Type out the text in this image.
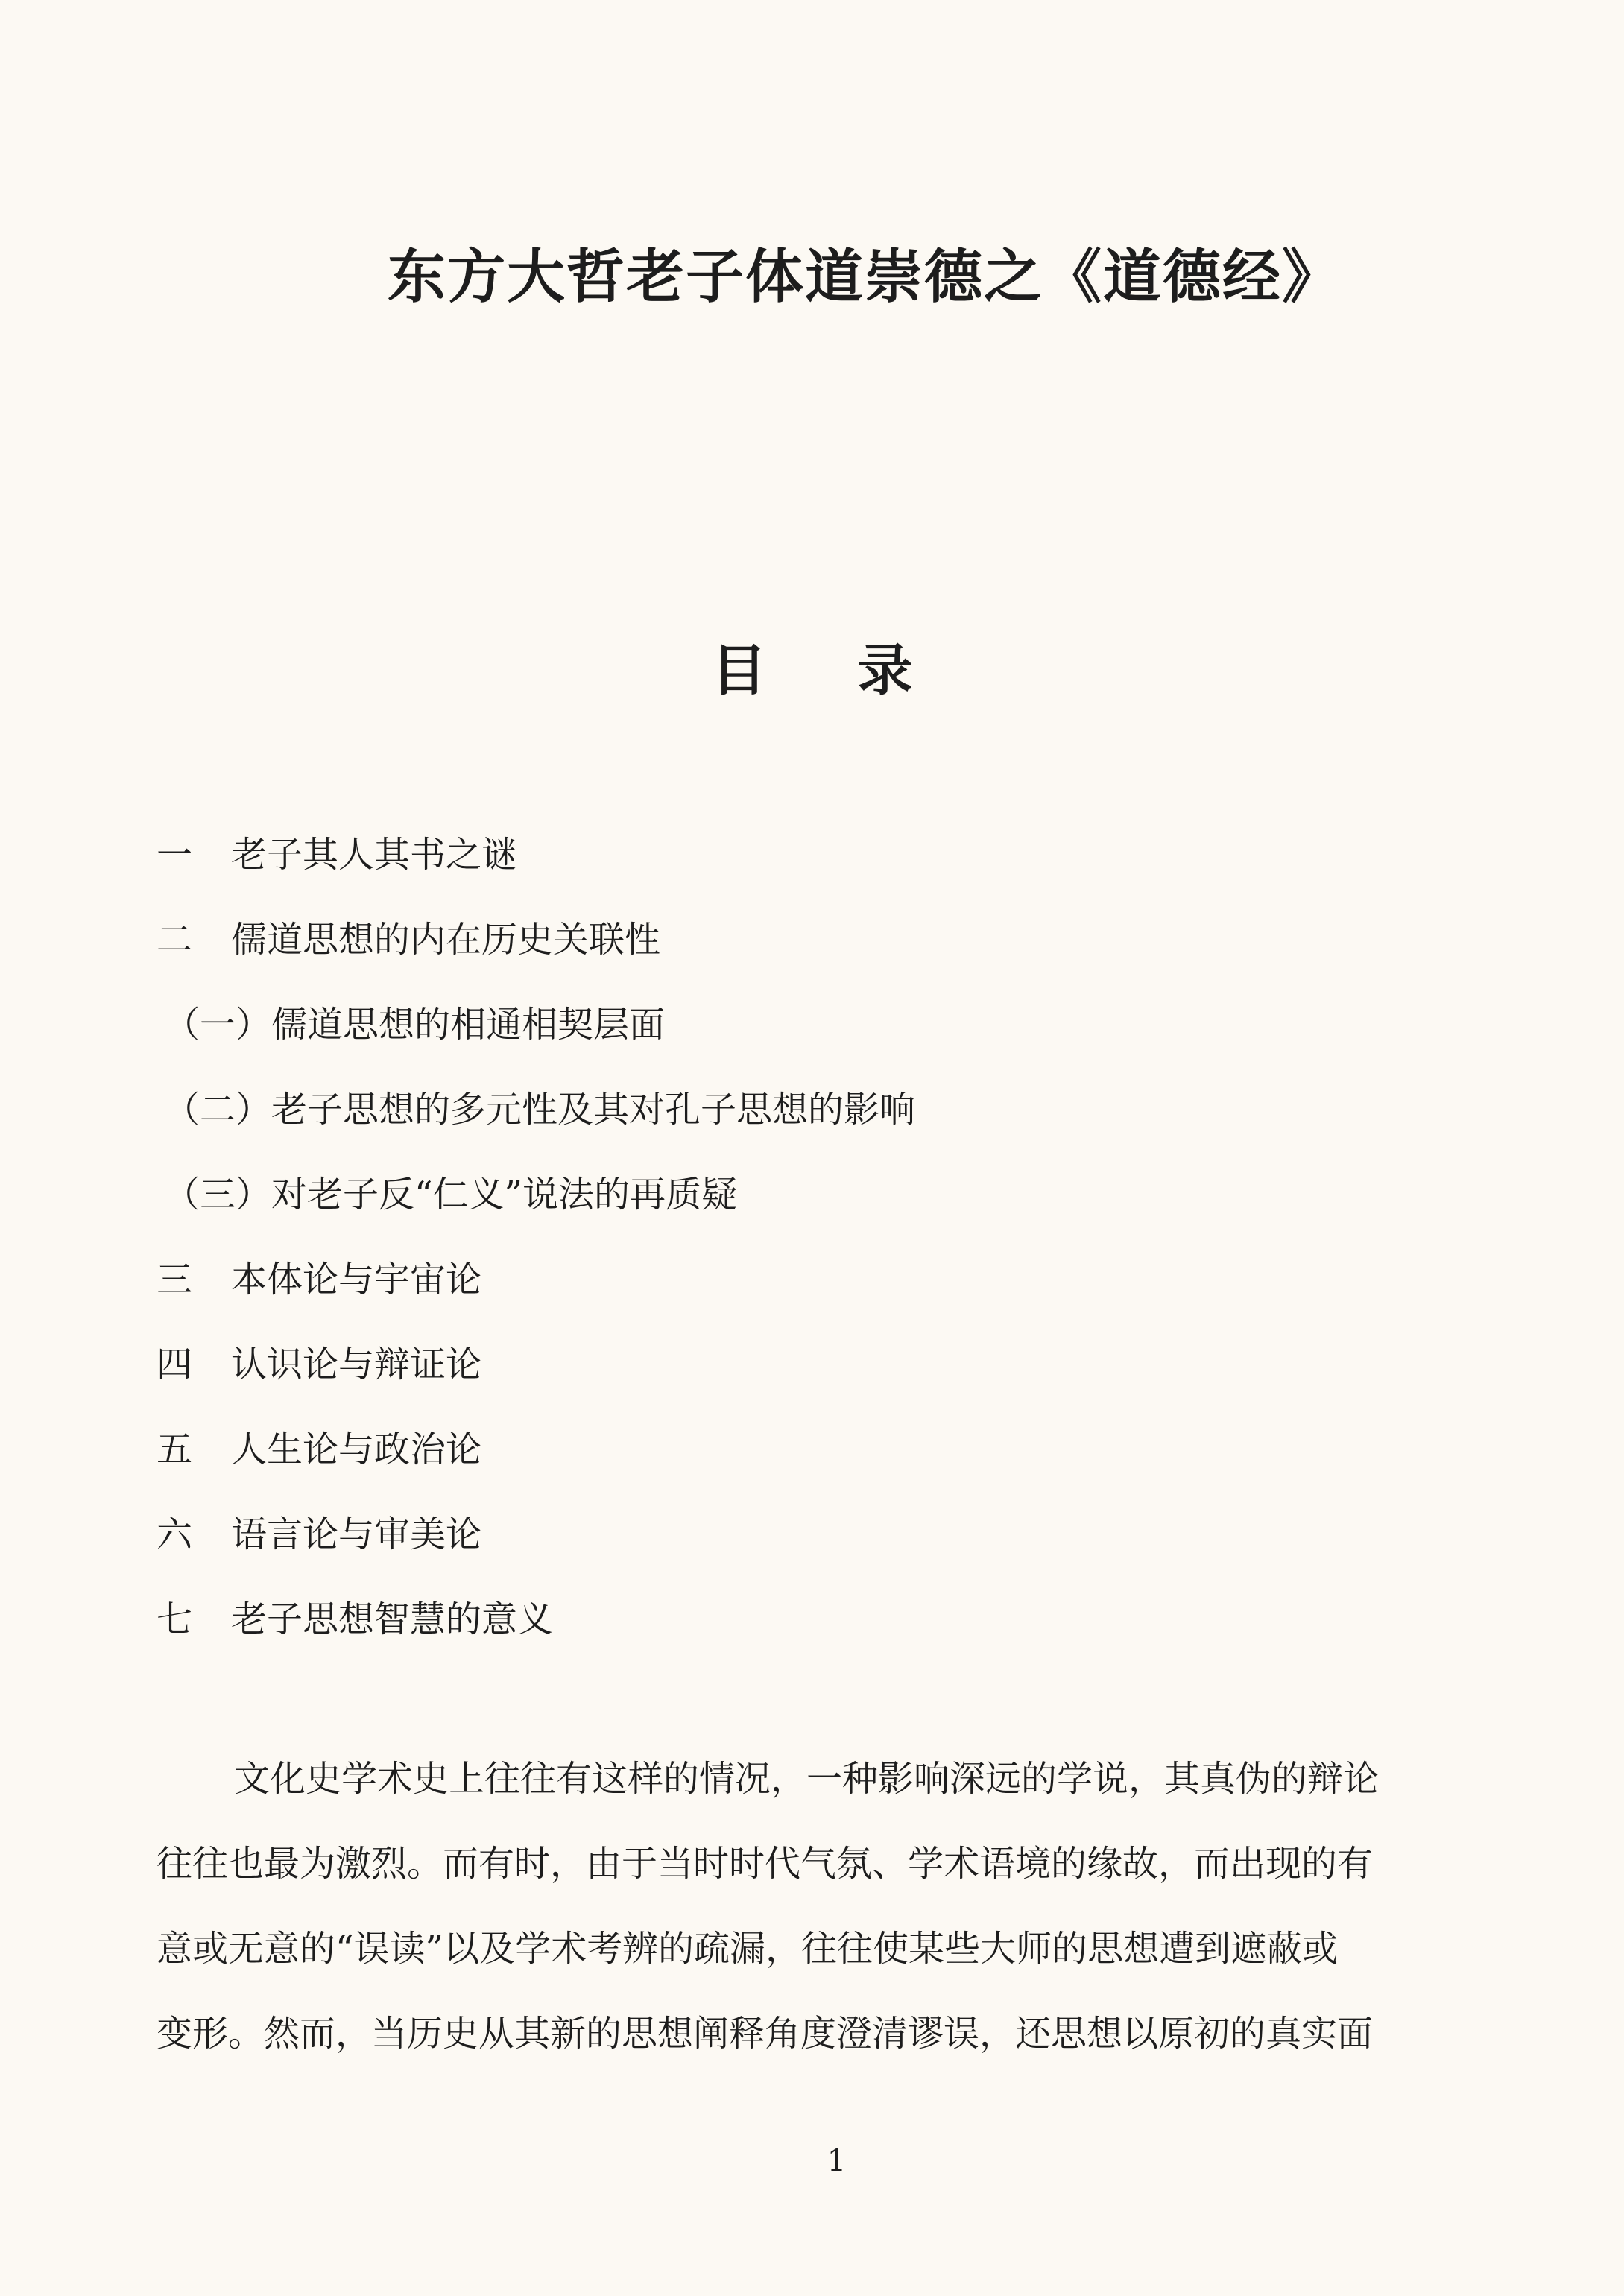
东方大哲老子体道崇德之《道德经》
目 录
一	老子其人其书之谜
二	儒道思想的内在历史关联性
（一）儒道思想的相通相契层面
（二）老子思想的多元性及其对孔子思想的影响
（三）对老子反“仁义”说法的再质疑
三	本体论与宇宙论
四	认识论与辩证论
五	人生论与政治论
六	语言论与审美论
七	老子思想智慧的意义
文化史学术史上往往有这样的情况，一种影响深远的学说，其真伪的辩论
往往也最为激烈。而有时，由于当时时代气氛、学术语境的缘故，而出现的有
意或无意的“误读”以及学术考辨的疏漏，往往使某些大师的思想遭到遮蔽或
变形。然而，当历史从其新的思想阐释角度澄清谬误，还思想以原初的真实面
1
